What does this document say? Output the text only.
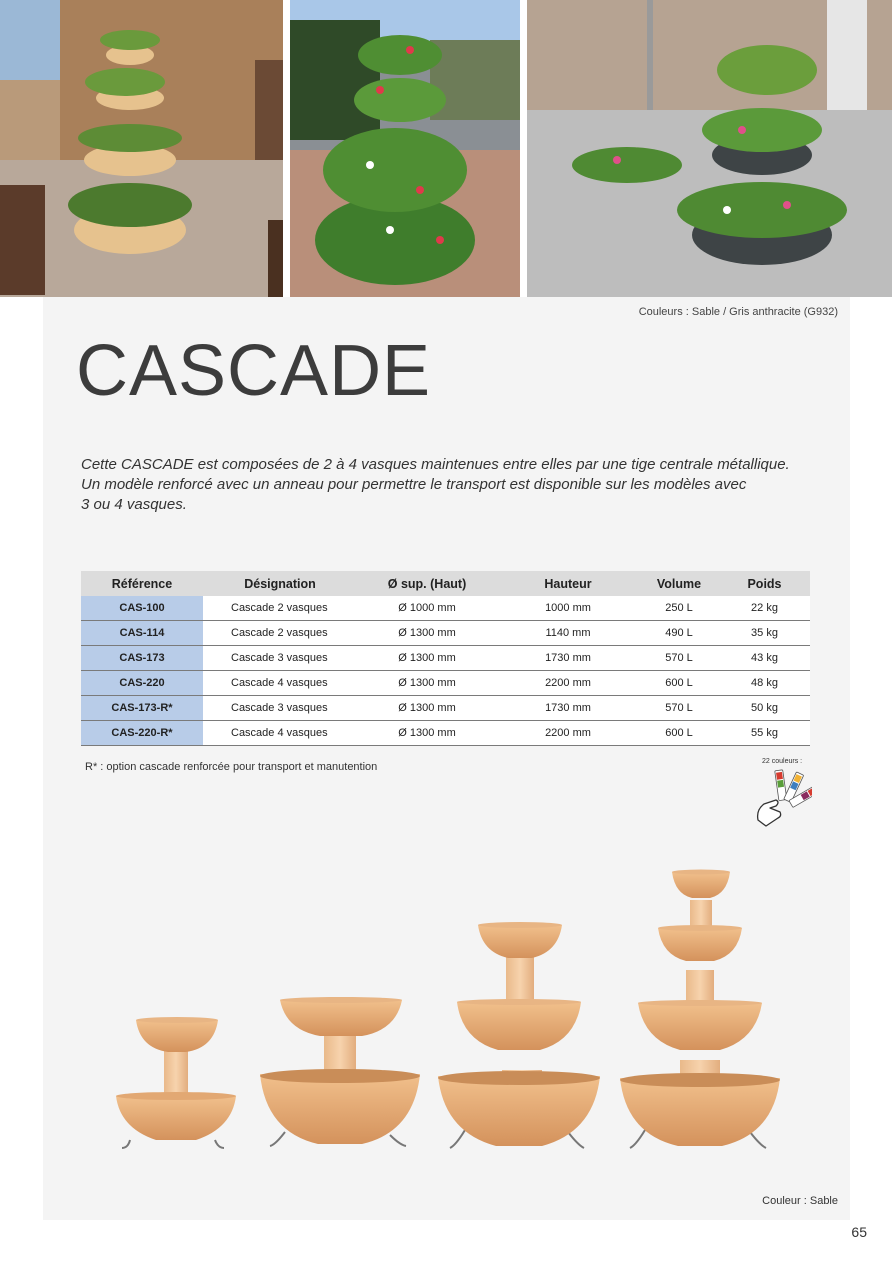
Couleurs : Sable / Gris anthracite (G932)
CASCADE

Cette CASCADE est composées de 2 à 4 vasques maintenues entre elles par une tige centrale métallique.
Un modèle renforcé avec un anneau pour permettre le transport est disponible sur les modèles avec
3 ou 4 vasques.

Référence	Désignation	Ø sup. (Haut)	Hauteur	Volume	Poids
CAS-100	Cascade 2 vasques	Ø 1000 mm	1000 mm	250 L	22 kg
CAS-114	Cascade 2 vasques	Ø 1300 mm	1140 mm	490 L	35 kg
CAS-173	Cascade 3 vasques	Ø 1300 mm	1730 mm	570 L	43 kg
CAS-220	Cascade 4 vasques	Ø 1300 mm	2200 mm	600 L	48 kg
CAS-173-R*	Cascade 3 vasques	Ø 1300 mm	1730 mm	570 L	50 kg
CAS-220-R*	Cascade 4 vasques	Ø 1300 mm	2200 mm	600 L	55 kg
R* : option cascade renforcée pour transport et manutention	22 couleurs :
Couleur : Sable
65
